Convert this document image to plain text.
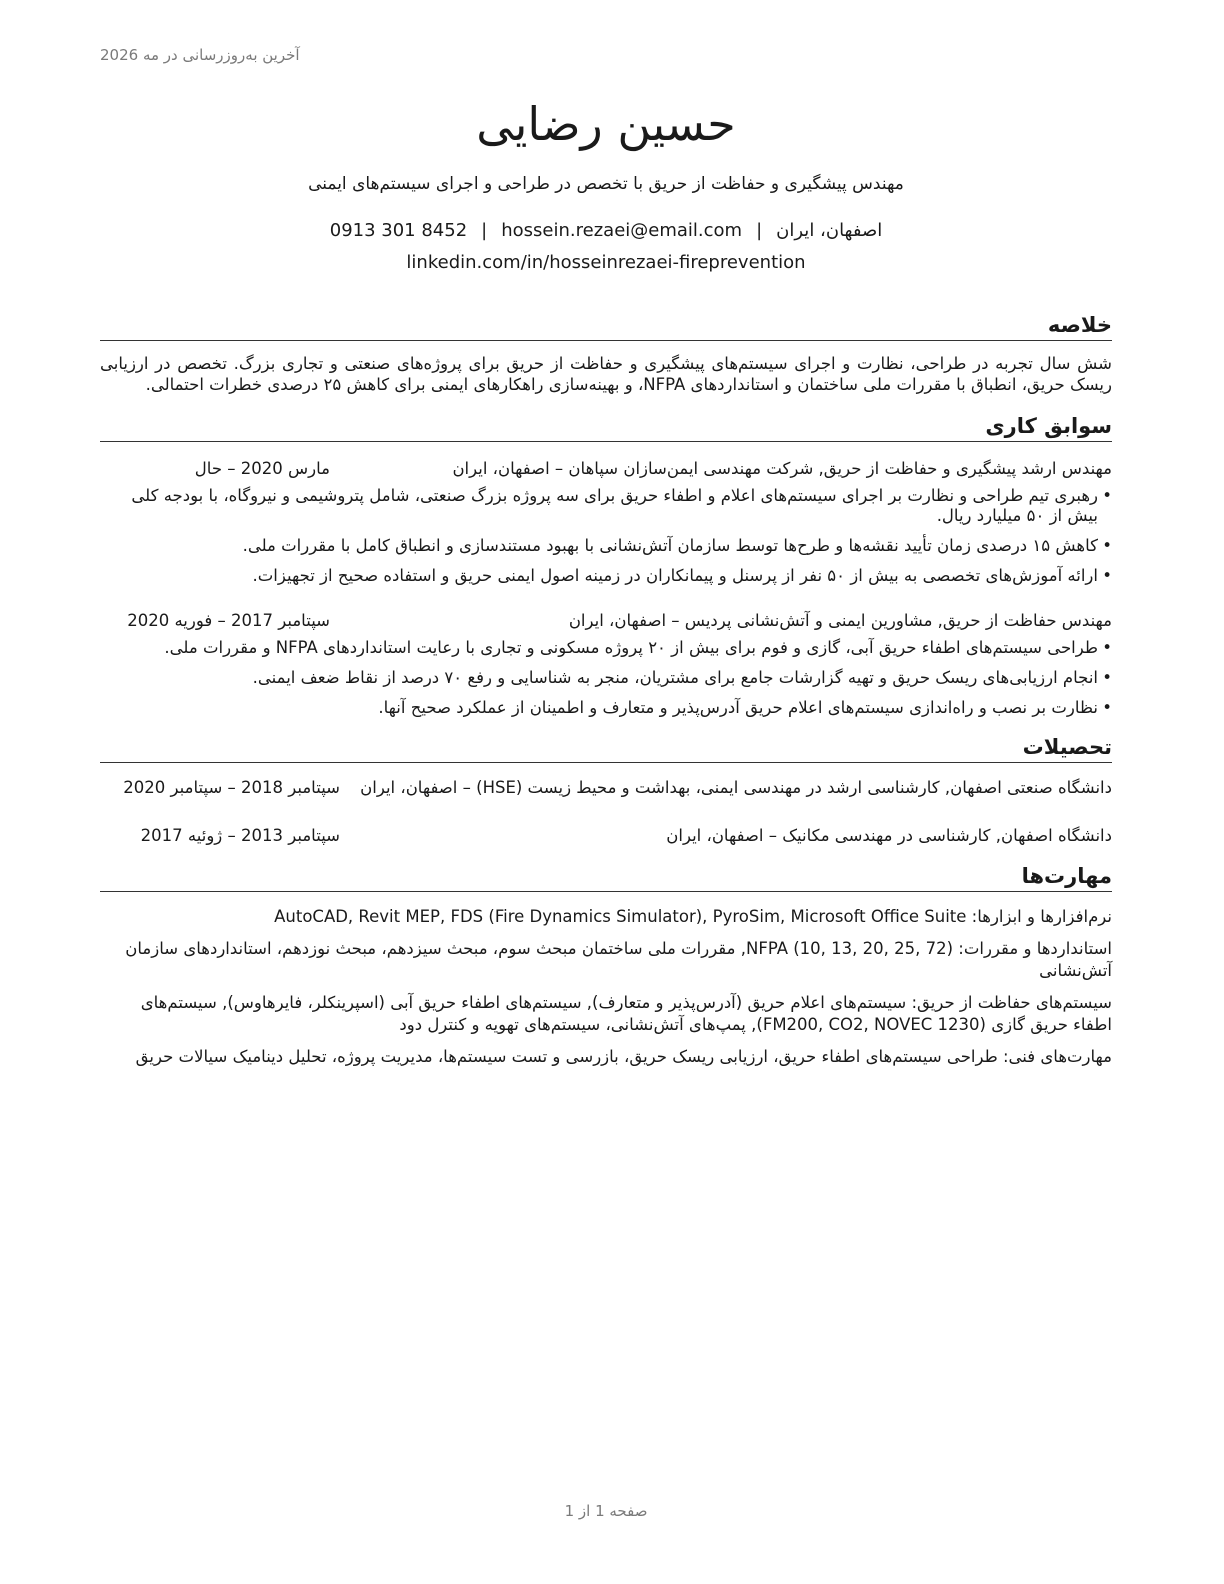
آخرین به‌روزرسانی در مه 2026
حسین رضایی
مهندس پیشگیری و حفاظت از حریق با تخصص در طراحی و اجرای سیستم‌های ایمنی
اصفهان، ایران|hossein.rezaei@email.com|0913 301 8452
linkedin.com/in/hosseinrezaei-fireprevention
خلاصه

شش سال تجربه در طراحی، نظارت و اجرای سیستم‌های پیشگیری و حفاظت از حریق برای پروژه‌های صنعتی و تجاری بزرگ. تخصص در ارزیابی ریسک حریق، انطباق با مقررات ملی ساختمان و استانداردهای NFPA، و بهینه‌سازی راهکارهای ایمنی برای کاهش ۲۵ درصدی خطرات احتمالی.

سوابق کاری
مهندس ارشد پیشگیری و حفاظت از حریق, شرکت مهندسی ایمن‌سازان سپاهان – اصفهان، ایران
مارس 2020 – حال
• رهبری تیم طراحی و نظارت بر اجرای سیستم‌های اعلام و اطفاء حریق برای سه پروژه بزرگ صنعتی، شامل پتروشیمی و نیروگاه، با بودجه کلی بیش از ۵۰ میلیارد ریال.
• کاهش ۱۵ درصدی زمان تأیید نقشه‌ها و طرح‌ها توسط سازمان آتش‌نشانی با بهبود مستندسازی و انطباق کامل با مقررات ملی.
• ارائه آموزش‌های تخصصی به بیش از ۵۰ نفر از پرسنل و پیمانکاران در زمینه اصول ایمنی حریق و استفاده صحیح از تجهیزات.
مهندس حفاظت از حریق, مشاورین ایمنی و آتش‌نشانی پردیس – اصفهان، ایران
سپتامبر 2017 – فوریه 2020
• طراحی سیستم‌های اطفاء حریق آبی، گازی و فوم برای بیش از ۲۰ پروژه مسکونی و تجاری با رعایت استانداردهای NFPA و مقررات ملی.
• انجام ارزیابی‌های ریسک حریق و تهیه گزارشات جامع برای مشتریان، منجر به شناسایی و رفع ۷۰ درصد از نقاط ضعف ایمنی.
• نظارت بر نصب و راه‌اندازی سیستم‌های اعلام حریق آدرس‌پذیر و متعارف و اطمینان از عملکرد صحیح آنها.
تحصیلات
دانشگاه صنعتی اصفهان, کارشناسی ارشد در مهندسی ایمنی، بهداشت و محیط زیست (HSE) – اصفهان، ایران
سپتامبر 2018 – سپتامبر 2020
دانشگاه اصفهان, کارشناسی در مهندسی مکانیک – اصفهان، ایران
سپتامبر 2013 – ژوئیه 2017
مهارت‌ها
نرم‌افزارها و ابزارها: AutoCAD, Revit MEP, FDS (Fire Dynamics Simulator), PyroSim, Microsoft Office Suite
استانداردها و مقررات: NFPA (10, 13, 20, 25, 72), مقررات ملی ساختمان مبحث سوم، مبحث سیزدهم، مبحث نوزدهم، استانداردهای سازمان آتش‌نشانی
سیستم‌های حفاظت از حریق: سیستم‌های اعلام حریق (آدرس‌پذیر و متعارف), سیستم‌های اطفاء حریق آبی (اسپرینکلر، فایرهاوس), سیستم‌های اطفاء حریق گازی (FM200, CO2, NOVEC 1230), پمپ‌های آتش‌نشانی، سیستم‌های تهویه و کنترل دود
مهارت‌های فنی: طراحی سیستم‌های اطفاء حریق، ارزیابی ریسک حریق، بازرسی و تست سیستم‌ها، مدیریت پروژه، تحلیل دینامیک سیالات حریق
صفحه 1 از 1
